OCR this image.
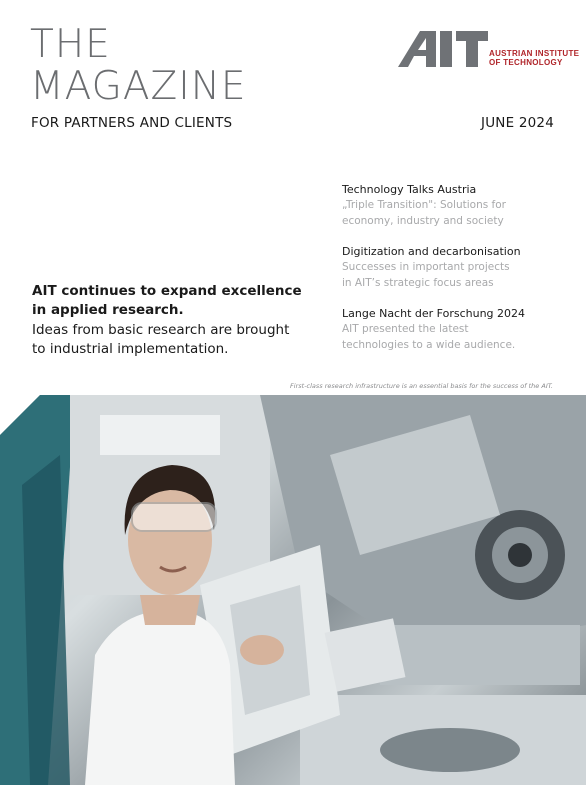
THE
MAGAZINE
FOR PARTNERS AND CLIENTS	JUNE 2024
AUSTRIAN INSTITUTE
OF TECHNOLOGY
Technology Talks Austria
„Triple Transition": Solutions for economy, industry and society
Digitization and decarbonisation
Successes in important projects in AIT’s strategic focus areas
Lange Nacht der Forschung 2024
AIT presented the latest technologies to a wide audience.
AIT continues to expand excellence in applied research.
Ideas from basic research are brought to industrial implementation.
First-class research infrastructure is an essential basis for the success of the AIT.
